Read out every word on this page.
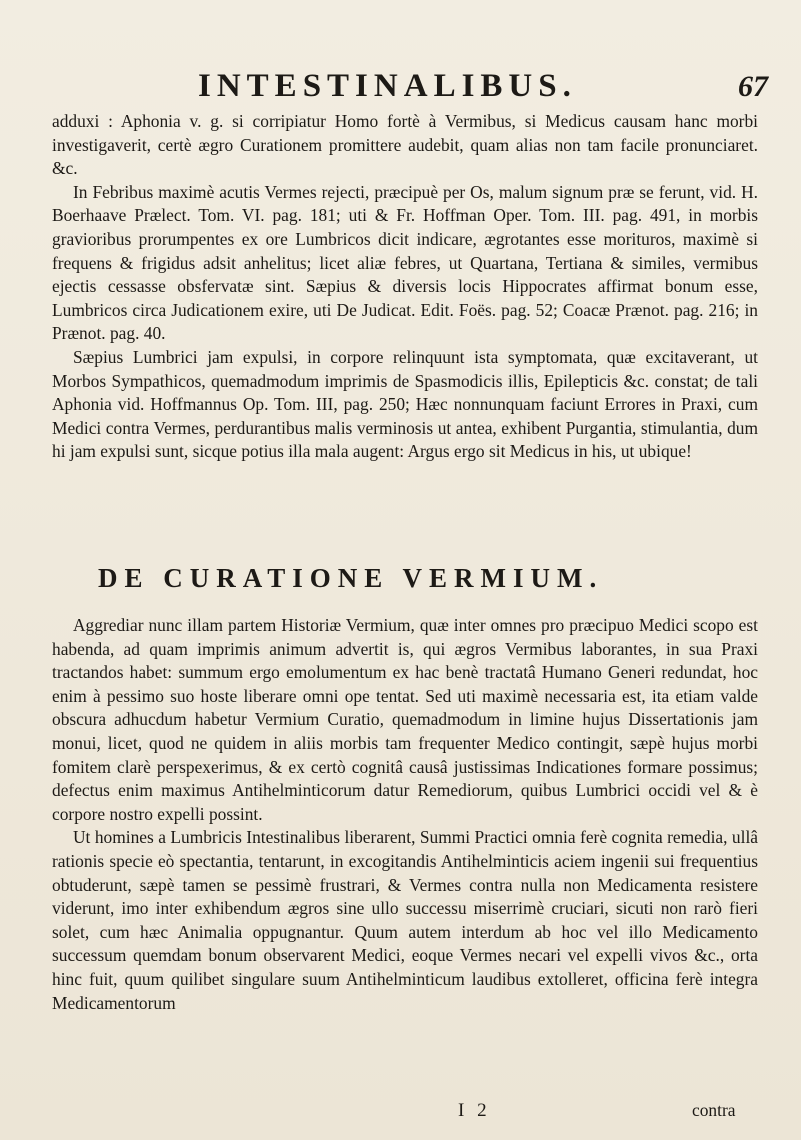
INTESTINALIBUS.	67

adduxi : Aphonia v. g. si corripiatur Homo fortè à Vermibus, si Medicus causam hanc morbi investigaverit, certè ægro Curationem promittere audebit, quam alias non tam facile pronunciaret. &c.

In Febribus maximè acutis Vermes rejecti, præcipuè per Os, malum signum præ se ferunt, vid. H. Boerhaave Prælect. Tom. VI. pag. 181; uti & Fr. Hoffman Oper. Tom. III. pag. 491, in morbis gravioribus prorumpentes ex ore Lumbricos dicit indicare, ægrotantes esse morituros, maximè si frequens & frigidus adsit anhelitus; licet aliæ febres, ut Quartana, Tertiana & similes, vermibus ejectis cessasse obsfervatæ sint. Sæpius & diversis locis Hippocrates affirmat bonum esse, Lumbricos circa Judicationem exire, uti De Judicat. Edit. Foës. pag. 52; Coacæ Prænot. pag. 216; in Prænot. pag. 40.

Sæpius Lumbrici jam expulsi, in corpore relinquunt ista symptomata, quæ excitaverant, ut Morbos Sympathicos, quemadmodum imprimis de Spasmodicis illis, Epilepticis &c. constat; de tali Aphonia vid. Hoffmannus Op. Tom. III, pag. 250; Hæc nonnunquam faciunt Errores in Praxi, cum Medici contra Vermes, perdurantibus malis verminosis ut antea, exhibent Purgantia, stimulantia, dum hi jam expulsi sunt, sicque potius illa mala augent: Argus ergo sit Medicus in his, ut ubique!

DE CURATIONE VERMIUM.

Aggrediar nunc illam partem Historiæ Vermium, quæ inter omnes pro præcipuo Medici scopo est habenda, ad quam imprimis animum advertit is, qui ægros Vermibus laborantes, in sua Praxi tractandos habet: summum ergo emolumentum ex hac benè tractatâ Humano Generi redundat, hoc enim à pessimo suo hoste liberare omni ope tentat. Sed uti maximè necessaria est, ita etiam valde obscura adhucdum habetur Vermium Curatio, quemadmodum in limine hujus Dissertationis jam monui, licet, quod ne quidem in aliis morbis tam frequenter Medico contingit, sæpè hujus morbi fomitem clarè perspexerimus, & ex certò cognitâ causâ justissimas Indicationes formare possimus; defectus enim maximus Antihelminticorum datur Remediorum, quibus Lumbrici occidi vel & è corpore nostro expelli possint.

Ut homines a Lumbricis Intestinalibus liberarent, Summi Practici omnia ferè cognita remedia, ullâ rationis specie eò spectantia, tentarunt, in excogitandis Antihelminticis aciem ingenii sui frequentius obtuderunt, sæpè tamen se pessimè frustrari, & Vermes contra nulla non Medicamenta resistere viderunt, imo inter exhibendum ægros sine ullo successu miserrimè cruciari, sicuti non rarò fieri solet, cum hæc Animalia oppugnantur. Quum autem interdum ab hoc vel illo Medicamento successum quemdam bonum observarent Medici, eoque Vermes necari vel expelli vivos &c., orta hinc fuit, quum quilibet singulare suum Antihelminticum laudibus extolleret, officina ferè integra Medicamentorum

I 2	contra
